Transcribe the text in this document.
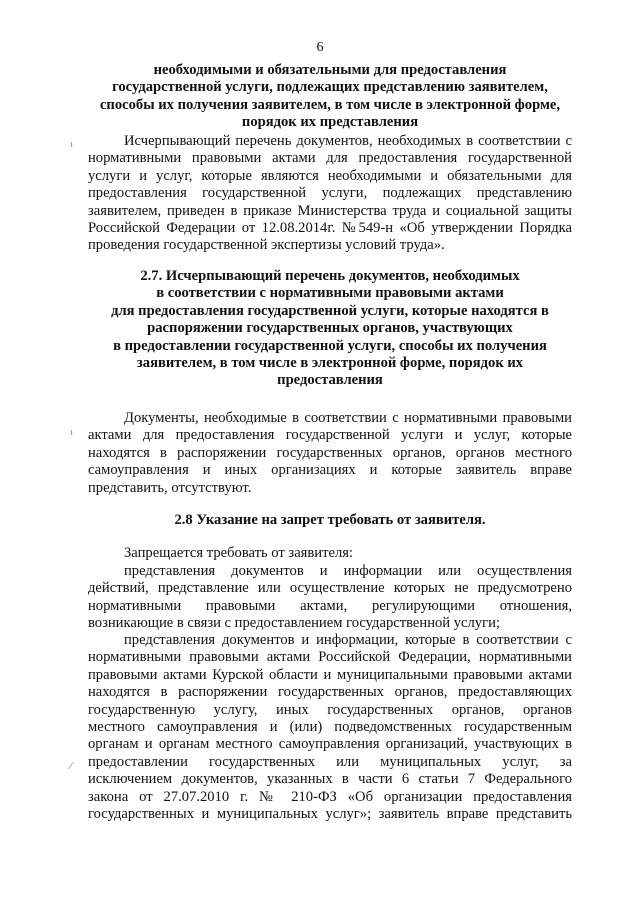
6
необходимыми и обязательными для предоставления
государственной услуги, подлежащих представлению заявителем,
способы их получения заявителем, в том числе в электронной форме,
порядок их представления

Исчерпывающий перечень документов, необходимых в соответствии с нормативными правовыми актами для предоставления государственной услуги и услуг, которые являются необходимыми и обязательными для предоставления государственной услуги, подлежащих представлению заявителем, приведен в приказе Министерства труда и социальной защиты Российской Федерации от 12.08.2014г. №549-н «Об утверждении Порядка проведения государственной экспертизы условий труда».

2.7. Исчерпывающий перечень документов, необходимых
в соответствии с нормативными правовыми актами
для предоставления государственной услуги, которые находятся в
распоряжении государственных органов, участвующих
в предоставлении государственной услуги, способы их получения
заявителем, в том числе в электронной форме, порядок их
предоставления

Документы, необходимые в соответствии с нормативными правовыми актами для предоставления государственной услуги и услуг, которые находятся в распоряжении государственных органов, органов местного самоуправления и иных организациях и которые заявитель вправе представить, отсутствуют.

2.8 Указание на запрет требовать от заявителя.

Запрещается требовать от заявителя:

представления документов и информации или осуществления действий, представление или осуществление которых не предусмотрено нормативными правовыми актами, регулирующими отношения, возникающие в связи с предоставлением государственной услуги;

представления документов и информации, которые в соответствии с
нормативными правовыми актами Российской Федерации, нормативными
правовыми актами Курской области и муниципальными правовыми актами
находятся в распоряжении государственных органов, предоставляющих
государственную услугу, иных государственных органов, органов
местного самоуправления и (или) подведомственных государственным
органам и органам местного самоуправления организаций, участвующих в
предоставлении государственных или муниципальных услуг, за
исключением документов, указанных в части 6 статьи 7 Федерального
закона от 27.07.2010 г. № 210-ФЗ «Об организации предоставления
государственных и муниципальных услуг»; заявитель вправе представить
⁾
⁾
⁄
